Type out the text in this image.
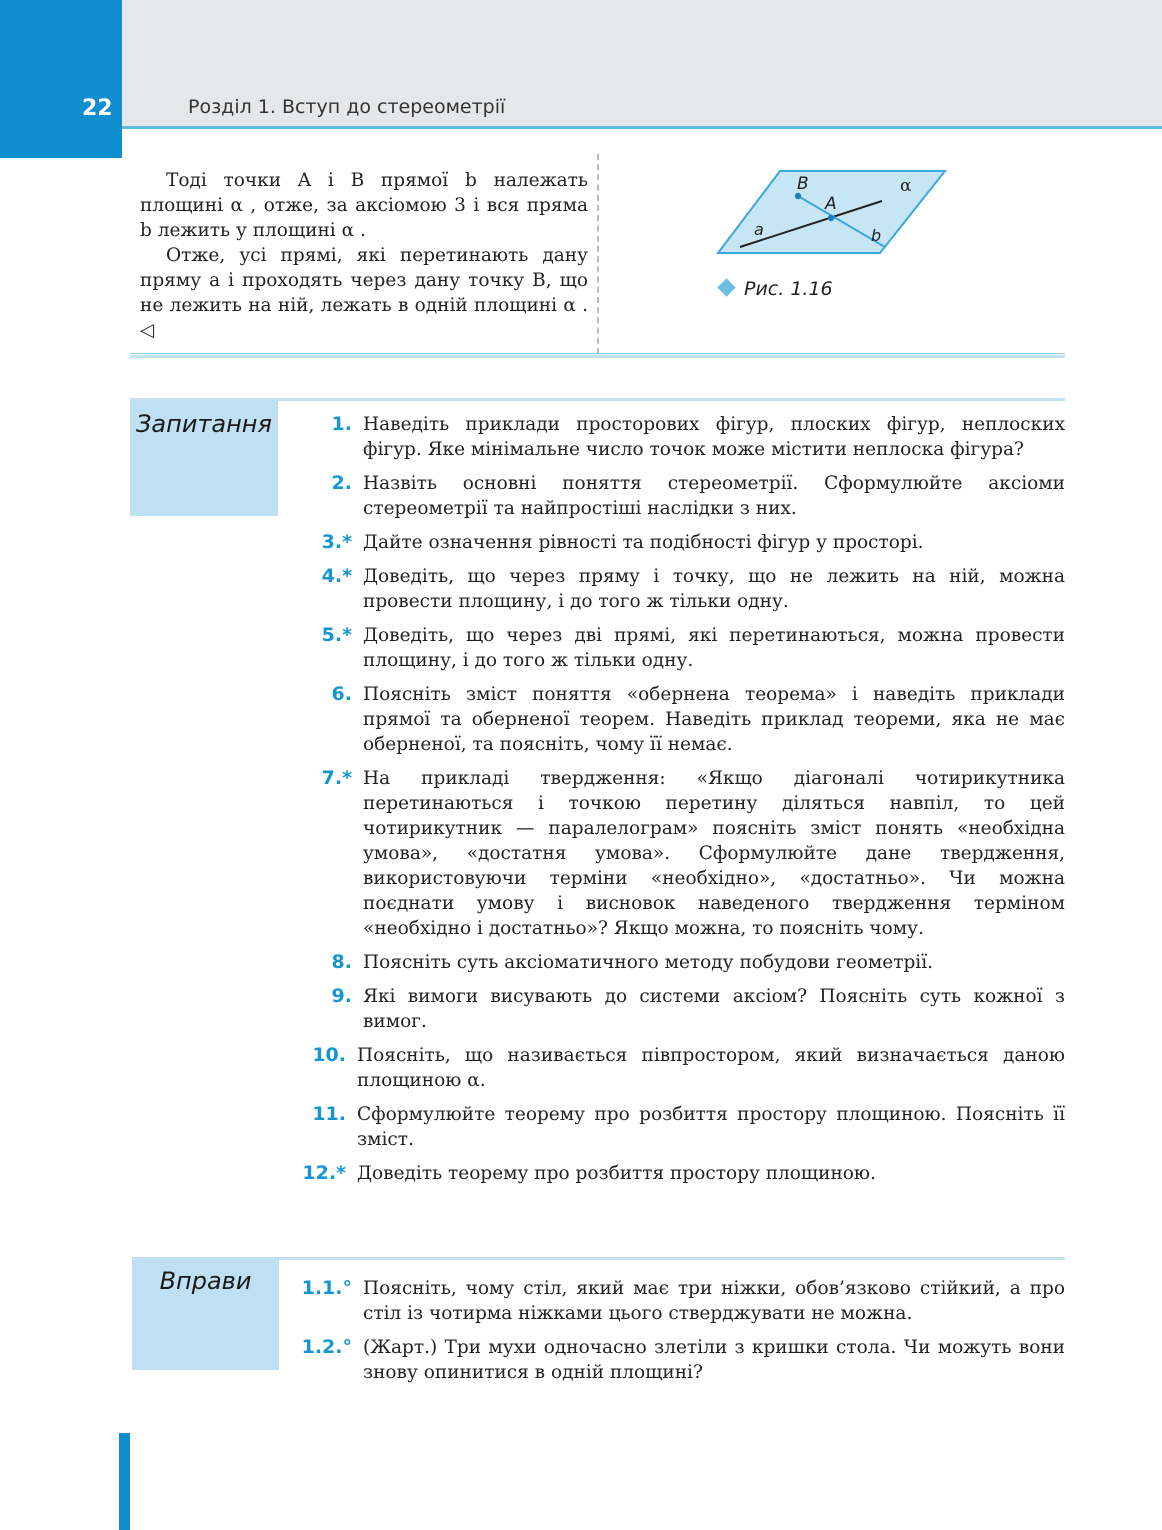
22	Розділ 1. Вступ до стереометрії

Тоді точки A і B прямої b належать площині α , отже, за аксіомою 3 і вся пряма b лежить у площині α .

Отже, усі прямі, які перетинають дану пряму a і проходять через дану точку B, що не лежить на ній, лежать в одній площині α . ◁

B
A
α
a	b
Рис. 1.16
Запитання	1. Наведіть приклади просторових фігур, плоских фігур, неплоских фігур. Яке мінімальне число точок може містити неплоска фігура?
2. Назвіть основні поняття стереометрії. Сформулюйте аксіоми стереометрії та найпростіші наслідки з них.
3.* Дайте означення рівності та подібності фігур у просторі.
4.* Доведіть, що через пряму і точку, що не лежить на ній, можна провести площину, і до того ж тільки одну.
5.* Доведіть, що через дві прямі, які перетинаються, можна провести площину, і до того ж тільки одну.
6. Поясніть зміст поняття «обернена теорема» і наведіть приклади прямої та оберненої теорем. Наведіть приклад теореми, яка не має оберненої, та поясніть, чому її немає.
7.* На прикладі твердження: «Якщо діагоналі чотирикутника перетинаються і точкою перетину діляться навпіл, то цей чотирикутник — паралелограм» поясніть зміст понять «необхідна умова», «достатня умова». Сформулюйте дане твердження, використовуючи терміни «необхідно», «достатньо». Чи можна поєднати умову і висновок наведеного твердження терміном «необхідно і достатньо»? Якщо можна, то поясніть чому.
8. Поясніть суть аксіоматичного методу побудови геометрії.
9. Які вимоги висувають до системи аксіом? Поясніть суть кожної з вимог.
10. Поясніть, що називається півпростором, який визначається даною площиною α.
11. Сформулюйте теорему про розбиття простору площиною. Поясніть її зміст.
12.* Доведіть теорему про розбиття простору площиною.
Вправи	1.1.° Поясніть, чому стіл, який має три ніжки, обов’язково стійкий, а про стіл із чотирма ніжками цього стверджувати не можна.
1.2.° (Жарт.) Три мухи одночасно злетіли з кришки стола. Чи можуть вони знову опинитися в одній площині?
